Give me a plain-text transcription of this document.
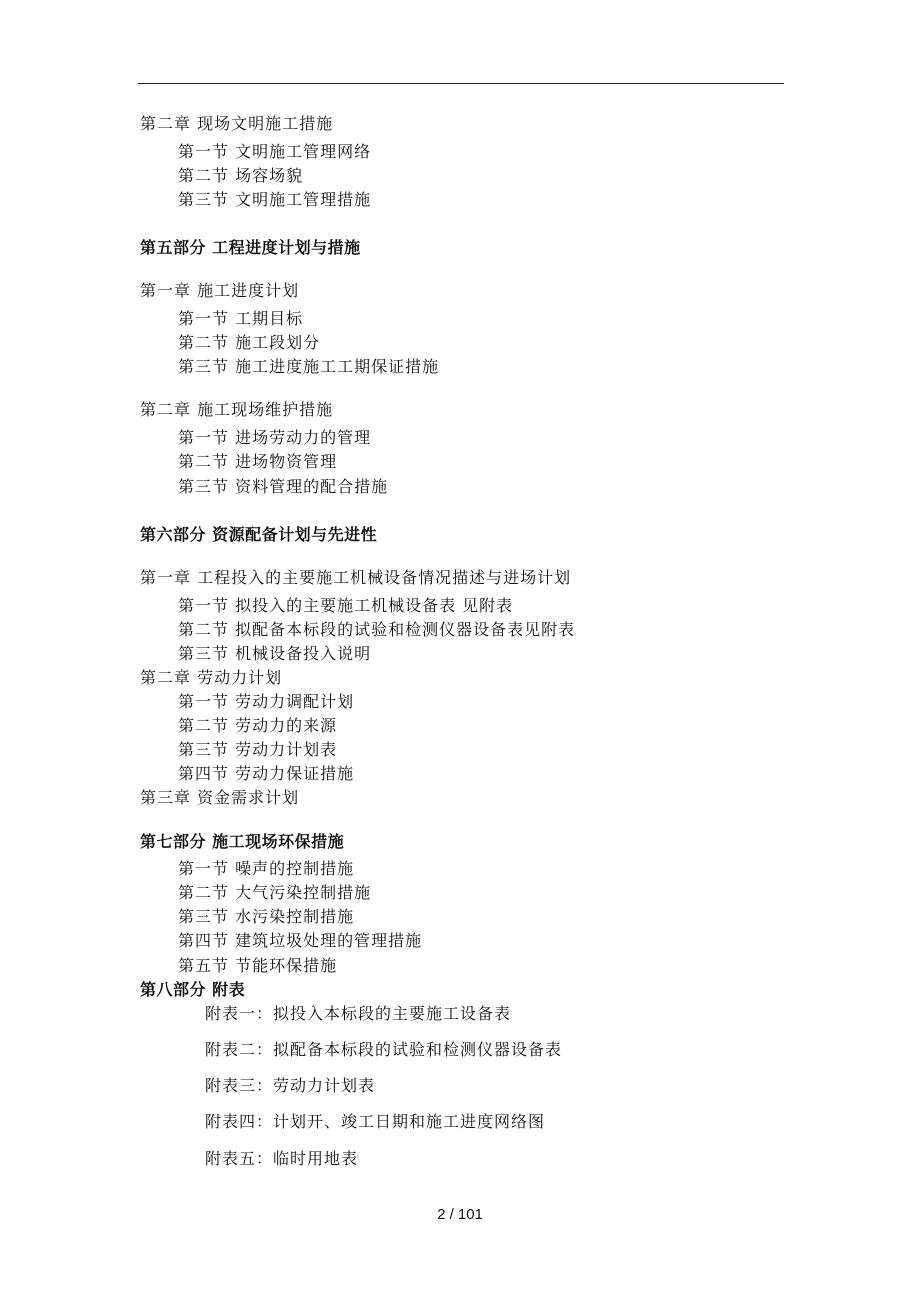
第二章 现场文明施工措施
第一节 文明施工管理网络
第二节 场容场貌
第三节 文明施工管理措施
第五部分 工程进度计划与措施
第一章 施工进度计划
第一节 工期目标
第二节 施工段划分
第三节 施工进度施工工期保证措施
第二章 施工现场维护措施
第一节 进场劳动力的管理
第二节 进场物资管理
第三节 资料管理的配合措施
第六部分 资源配备计划与先进性
第一章 工程投入的主要施工机械设备情况描述与进场计划
第一节 拟投入的主要施工机械设备表 见附表
第二节 拟配备本标段的试验和检测仪器设备表见附表
第三节 机械设备投入说明
第二章 劳动力计划
第一节 劳动力调配计划
第二节 劳动力的来源
第三节 劳动力计划表
第四节 劳动力保证措施
第三章 资金需求计划
第七部分 施工现场环保措施
第一节 噪声的控制措施
第二节 大气污染控制措施
第三节 水污染控制措施
第四节 建筑垃圾处理的管理措施
第五节 节能环保措施
第八部分 附表
附表一：拟投入本标段的主要施工设备表
附表二：拟配备本标段的试验和检测仪器设备表
附表三：劳动力计划表
附表四：计划开、竣工日期和施工进度网络图
附表五：临时用地表
2 / 101
